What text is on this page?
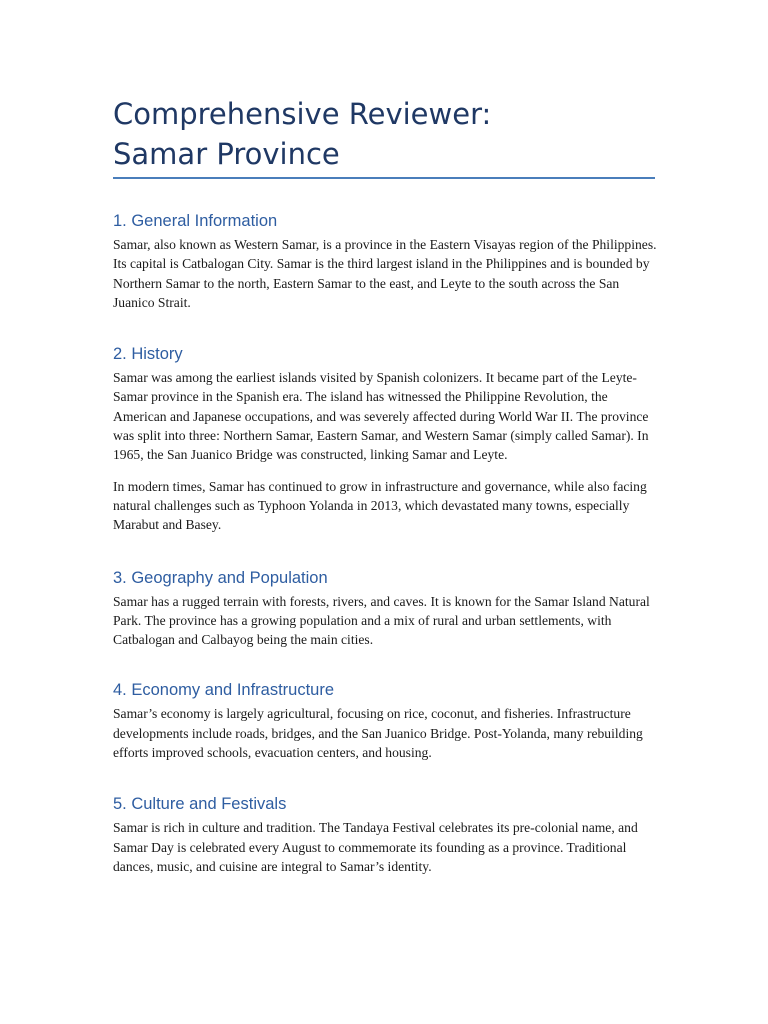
Comprehensive Reviewer: Samar Province
1. General Information

Samar, also known as Western Samar, is a province in the Eastern Visayas region of the Philippines. Its capital is Catbalogan City. Samar is the third largest island in the Philippines and is bounded by Northern Samar to the north, Eastern Samar to the east, and Leyte to the south across the San Juanico Strait.

2. History

Samar was among the earliest islands visited by Spanish colonizers. It became part of the Leyte-Samar province in the Spanish era. The island has witnessed the Philippine Revolution, the American and Japanese occupations, and was severely affected during World War II. The province was split into three: Northern Samar, Eastern Samar, and Western Samar (simply called Samar). In 1965, the San Juanico Bridge was constructed, linking Samar and Leyte.

In modern times, Samar has continued to grow in infrastructure and governance, while also facing natural challenges such as Typhoon Yolanda in 2013, which devastated many towns, especially Marabut and Basey.

3. Geography and Population

Samar has a rugged terrain with forests, rivers, and caves. It is known for the Samar Island Natural Park. The province has a growing population and a mix of rural and urban settlements, with Catbalogan and Calbayog being the main cities.

4. Economy and Infrastructure

Samar’s economy is largely agricultural, focusing on rice, coconut, and fisheries. Infrastructure developments include roads, bridges, and the San Juanico Bridge. Post-Yolanda, many rebuilding efforts improved schools, evacuation centers, and housing.

5. Culture and Festivals

Samar is rich in culture and tradition. The Tandaya Festival celebrates its pre-colonial name, and Samar Day is celebrated every August to commemorate its founding as a province. Traditional dances, music, and cuisine are integral to Samar’s identity.
